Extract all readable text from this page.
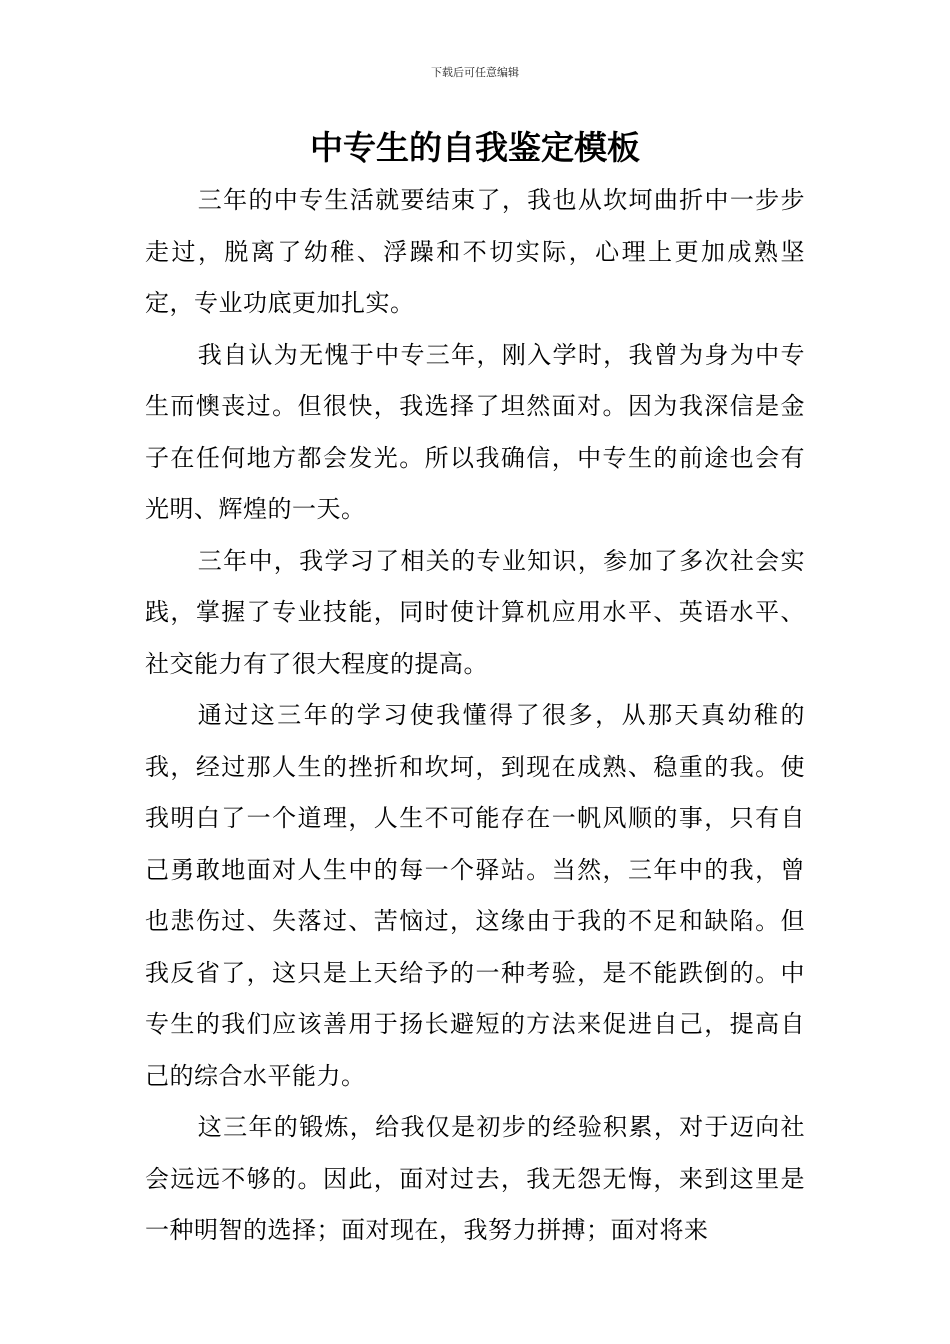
下载后可任意编辑
中专生的自我鉴定模板

三年的中专生活就要结束了，我也从坎坷曲折中一步步走过，脱离了幼稚、浮躁和不切实际，心理上更加成熟坚定，专业功底更加扎实。

我自认为无愧于中专三年，刚入学时，我曾为身为中专生而懊丧过。但很快，我选择了坦然面对。因为我深信是金子在任何地方都会发光。所以我确信，中专生的前途也会有光明、辉煌的一天。

三年中，我学习了相关的专业知识，参加了多次社会实践，掌握了专业技能，同时使计算机应用水平、英语水平、社交能力有了很大程度的提高。

通过这三年的学习使我懂得了很多，从那天真幼稚的我，经过那人生的挫折和坎坷，到现在成熟、稳重的我。使我明白了一个道理，人生不可能存在一帆风顺的事，只有自己勇敢地面对人生中的每一个驿站。当然，三年中的我，曾也悲伤过、失落过、苦恼过，这缘由于我的不足和缺陷。但我反省了，这只是上天给予的一种考验，是不能跌倒的。中专生的我们应该善用于扬长避短的方法来促进自己，提高自己的综合水平能力。

这三年的锻炼，给我仅是初步的经验积累，对于迈向社会远远不够的。因此，面对过去，我无怨无悔，来到这里是一种明智的选择；面对现在，我努力拼搏；面对将来
